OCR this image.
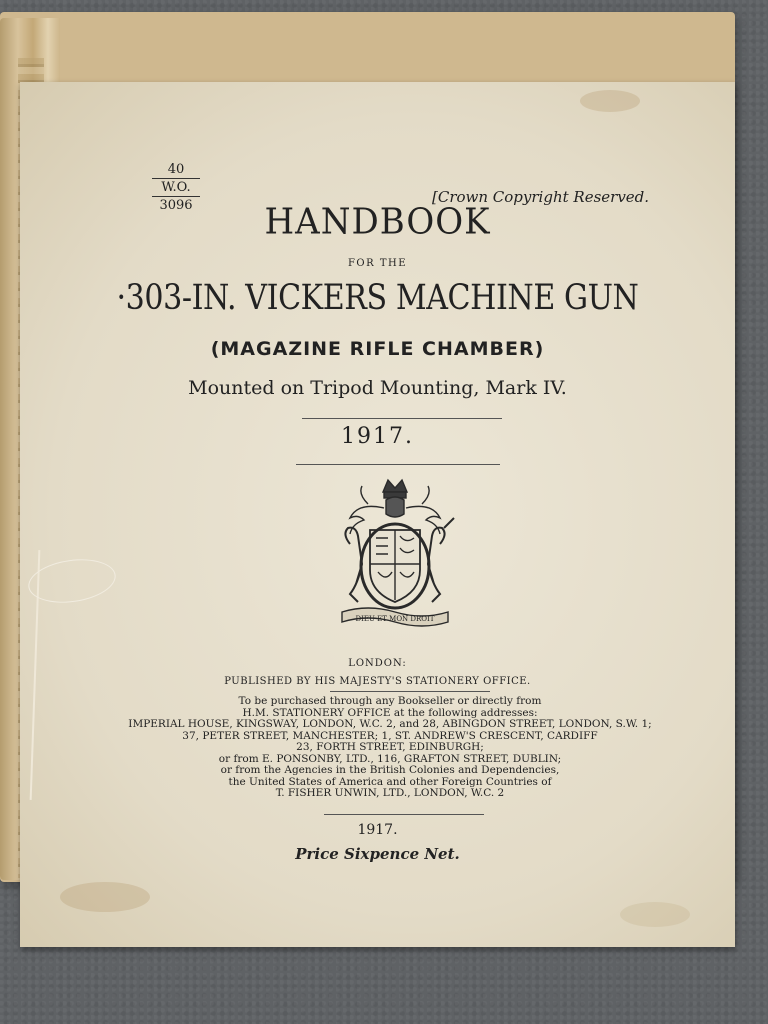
40
W.O.
3096	[Crown Copyright Reserved.
HANDBOOK
FOR THE
·303-IN. VICKERS MACHINE GUN
(MAGAZINE RIFLE CHAMBER)
Mounted on Tripod Mounting, Mark IV.
1917.
DIEU ET MON DROIT
LONDON:
PUBLISHED BY HIS MAJESTY'S STATIONERY OFFICE.
To be purchased through any Bookseller or directly from
H.M. STATIONERY OFFICE at the following addresses:
IMPERIAL HOUSE, KINGSWAY, LONDON, W.C. 2, and 28, ABINGDON STREET, LONDON, S.W. 1;
37, PETER STREET, MANCHESTER; 1, ST. ANDREW'S CRESCENT, CARDIFF
23, FORTH STREET, EDINBURGH;
or from E. PONSONBY, LTD., 116, GRAFTON STREET, DUBLIN;
or from the Agencies in the British Colonies and Dependencies,
the United States of America and other Foreign Countries of
T. FISHER UNWIN, LTD., LONDON, W.C. 2
1917.
Price Sixpence Net.
